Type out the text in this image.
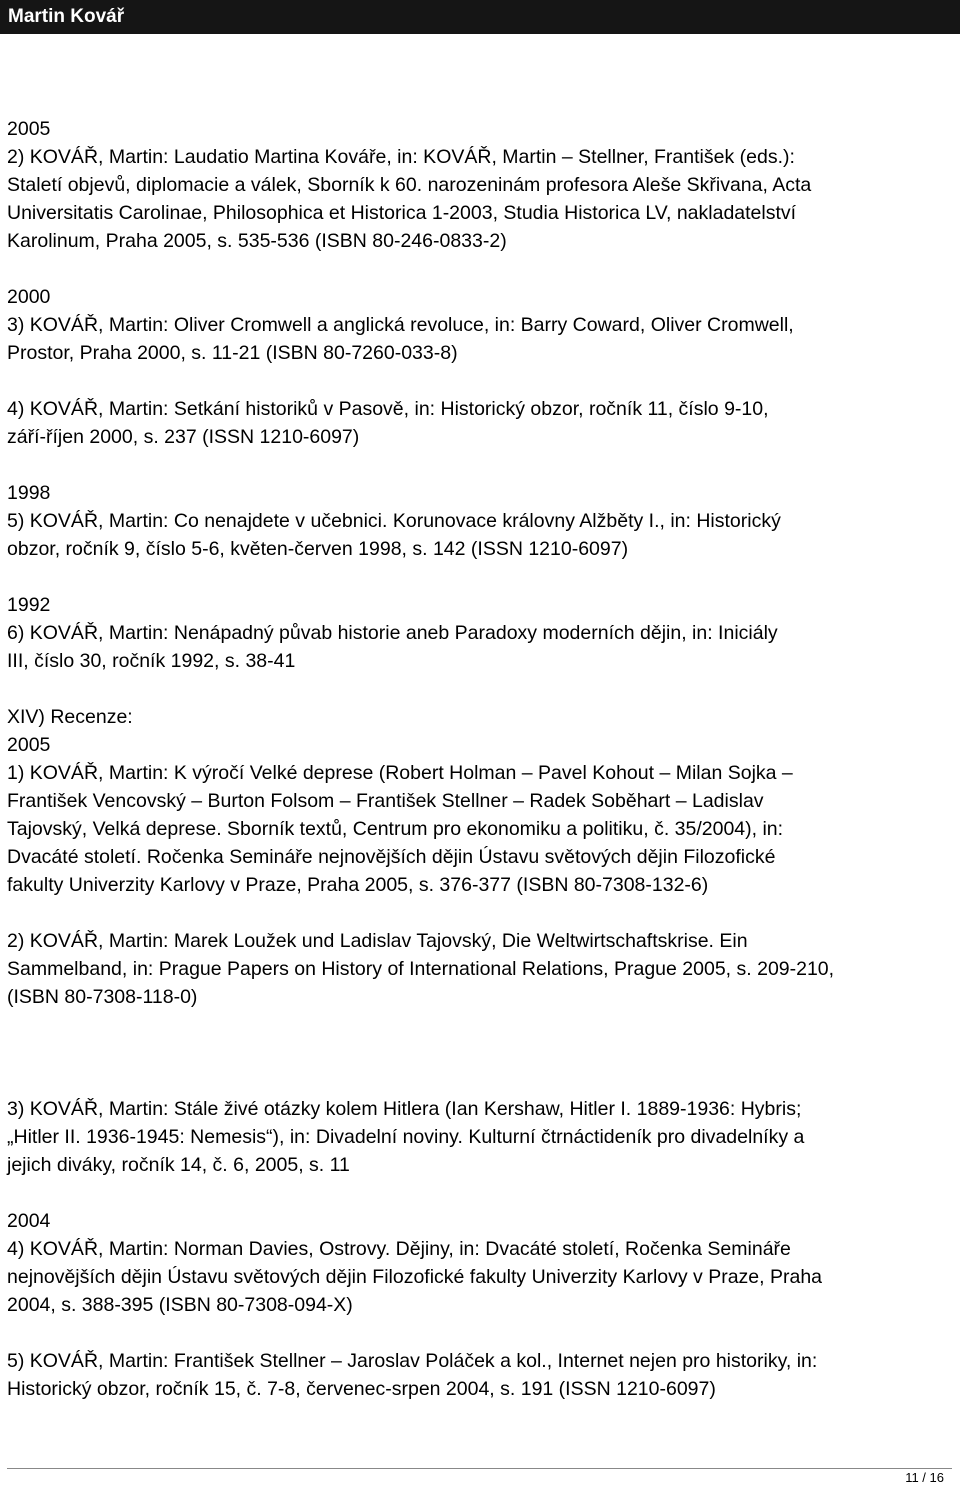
Martin Kovář
2005
2) KOVÁŘ, Martin: Laudatio Martina Kováře, in: KOVÁŘ, Martin – Stellner, František (eds.):
Staletí objevů, diplomacie a válek, Sborník k 60. narozeninám profesora Aleše Skřivana, Acta
Universitatis Carolinae, Philosophica et Historica 1-2003, Studia Historica LV, nakladatelství
Karolinum, Praha 2005, s. 535-536 (ISBN 80-246-0833-2)
2000
3) KOVÁŘ, Martin: Oliver Cromwell a anglická revoluce, in: Barry Coward, Oliver Cromwell,
Prostor, Praha 2000, s. 11-21 (ISBN 80-7260-033-8)
4) KOVÁŘ, Martin: Setkání historiků v Pasově, in: Historický obzor, ročník 11, číslo 9-10,
září-říjen 2000, s. 237 (ISSN 1210-6097)
1998
5) KOVÁŘ, Martin: Co nenajdete v učebnici. Korunovace královny Alžběty I., in: Historický
obzor, ročník 9, číslo 5-6, květen-červen 1998, s. 142 (ISSN 1210-6097)
1992
6) KOVÁŘ, Martin: Nenápadný půvab historie aneb Paradoxy moderních dějin, in: Iniciály
III, číslo 30, ročník 1992, s. 38-41
XIV) Recenze:
2005
1) KOVÁŘ, Martin: K výročí Velké deprese (Robert Holman – Pavel Kohout – Milan Sojka –
František Vencovský – Burton Folsom – František Stellner – Radek Soběhart – Ladislav
Tajovský, Velká deprese. Sborník textů, Centrum pro ekonomiku a politiku, č. 35/2004), in:
Dvacáté století. Ročenka Semináře nejnovějších dějin Ústavu světových dějin Filozofické
fakulty Univerzity Karlovy v Praze, Praha 2005, s. 376-377 (ISBN 80-7308-132-6)
2) KOVÁŘ, Martin: Marek Loužek und Ladislav Tajovský, Die Weltwirtschaftskrise. Ein
Sammelband, in: Prague Papers on History of International Relations, Prague 2005, s. 209-210,
(ISBN 80-7308-118-0)
3) KOVÁŘ, Martin: Stále živé otázky kolem Hitlera (Ian Kershaw, Hitler I. 1889-1936: Hybris;
„Hitler II. 1936-1945: Nemesis“), in: Divadelní noviny. Kulturní čtrnáctideník pro divadelníky a
jejich diváky, ročník 14, č. 6, 2005, s. 11
2004
4) KOVÁŘ, Martin: Norman Davies, Ostrovy. Dějiny, in: Dvacáté století, Ročenka Semináře
nejnovějších dějin Ústavu světových dějin Filozofické fakulty Univerzity Karlovy v Praze, Praha
2004, s. 388-395 (ISBN 80-7308-094-X)
5) KOVÁŘ, Martin: František Stellner – Jaroslav Poláček a kol., Internet nejen pro historiky, in:
Historický obzor, ročník 15, č. 7-8, červenec-srpen 2004, s. 191 (ISSN 1210-6097)
11 / 16
